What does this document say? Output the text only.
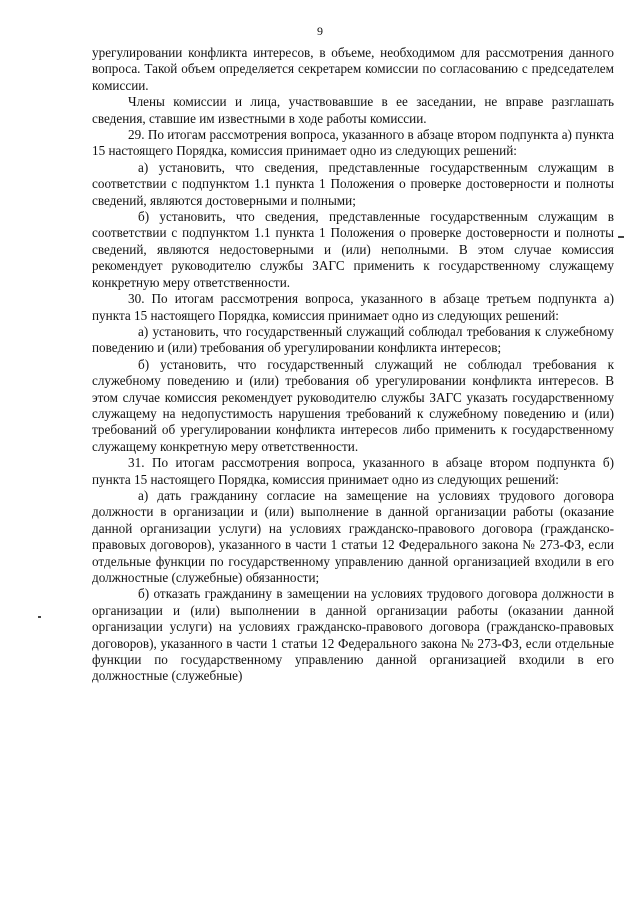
9

урегулировании конфликта интересов, в объеме, необходимом для рассмотрения данного вопроса. Такой объем определяется секретарем комиссии по согласованию с председателем комиссии.

Члены комиссии и лица, участвовавшие в ее заседании, не вправе разглашать сведения, ставшие им известными в ходе работы комиссии.

29. По итогам рассмотрения вопроса, указанного в абзаце втором подпункта а) пункта 15 настоящего Порядка, комиссия принимает одно из следующих решений:

а) установить, что сведения, представленные государственным служащим в соответствии с подпунктом 1.1 пункта 1 Положения о проверке достоверности и полноты сведений, являются достоверными и полными;

б) установить, что сведения, представленные государственным служащим в соответствии с подпунктом 1.1 пункта 1 Положения о проверке достоверности и полноты сведений, являются недостоверными и (или) неполными. В этом случае комиссия рекомендует руководителю службы ЗАГС применить к государственному служащему конкретную меру ответственности.

30. По итогам рассмотрения вопроса, указанного в абзаце третьем подпункта а) пункта 15 настоящего Порядка, комиссия принимает одно из следующих решений:

а) установить, что государственный служащий соблюдал требования к служебному поведению и (или) требования об урегулировании конфликта интересов;

б) установить, что государственный служащий не соблюдал требования к служебному поведению и (или) требования об урегулировании конфликта интересов. В этом случае комиссия рекомендует руководителю службы ЗАГС указать государственному служащему на недопустимость нарушения требований к служебному поведению и (или) требований об урегулировании конфликта интересов либо применить к государственному служащему конкретную меру ответственности.

31. По итогам рассмотрения вопроса, указанного в абзаце втором подпункта б) пункта 15 настоящего Порядка, комиссия принимает одно из следующих решений:

а) дать гражданину согласие на замещение на условиях трудового договора должности в организации и (или) выполнение в данной организации работы (оказание данной организации услуги) на условиях гражданско-правового договора (гражданско-правовых договоров), указанного в части 1 статьи 12 Федерального закона № 273-ФЗ, если отдельные функции по государственному управлению данной организацией входили в его должностные (служебные) обязанности;

б) отказать гражданину в замещении на условиях трудового договора должности в организации и (или) выполнении в данной организации работы (оказании данной организации услуги) на условиях гражданско-правового договора (гражданско-правовых договоров), указанного в части 1 статьи 12 Федерального закона № 273-ФЗ, если отдельные функции по государственному управлению данной организацией входили в его должностные (служебные)
